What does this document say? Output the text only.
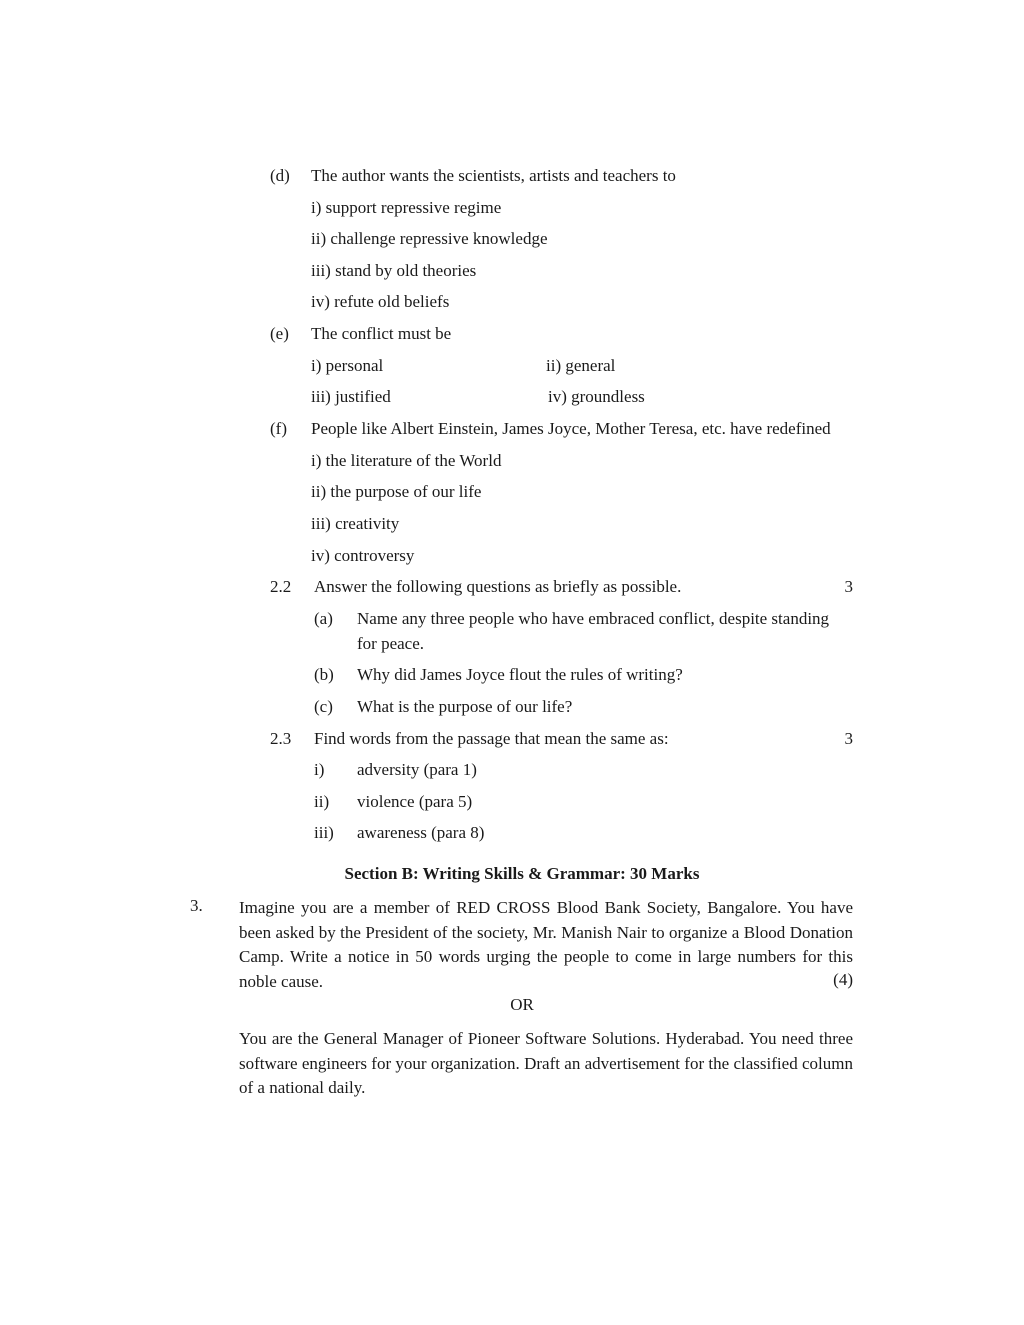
(d) The author wants the scientists, artists and teachers to
i) support repressive regime
ii) challenge repressive knowledge
iii) stand by old theories
iv) refute old beliefs
(e) The conflict must be
i) personal	ii) general
iii) justified	iv) groundless
(f) People like Albert Einstein, James Joyce, Mother Teresa, etc. have redefined
i) the literature of the World
ii) the purpose of our life
iii) creativity
iv) controversy
2.2 Answer the following questions as briefly as possible.	3
(a) Name any three people who have embraced conflict, despite standing
for peace.
(b) Why did James Joyce flout the rules of writing?
(c) What is the purpose of our life?
2.3 Find words from the passage that mean the same as:	3
i) adversity (para 1)
ii) violence (para 5)
iii) awareness (para 8)
Section B: Writing Skills & Grammar: 30 Marks
3. Imagine you are a member of RED CROSS Blood Bank Society, Bangalore. You have been asked by the President of the society, Mr. Manish Nair to organize a Blood Donation Camp. Write a notice in 50 words urging the people to come in large numbers for this noble cause.	(4)
OR
You are the General Manager of Pioneer Software Solutions. Hyderabad. You need three software engineers for your organization. Draft an advertisement for the classified column of a national daily.
